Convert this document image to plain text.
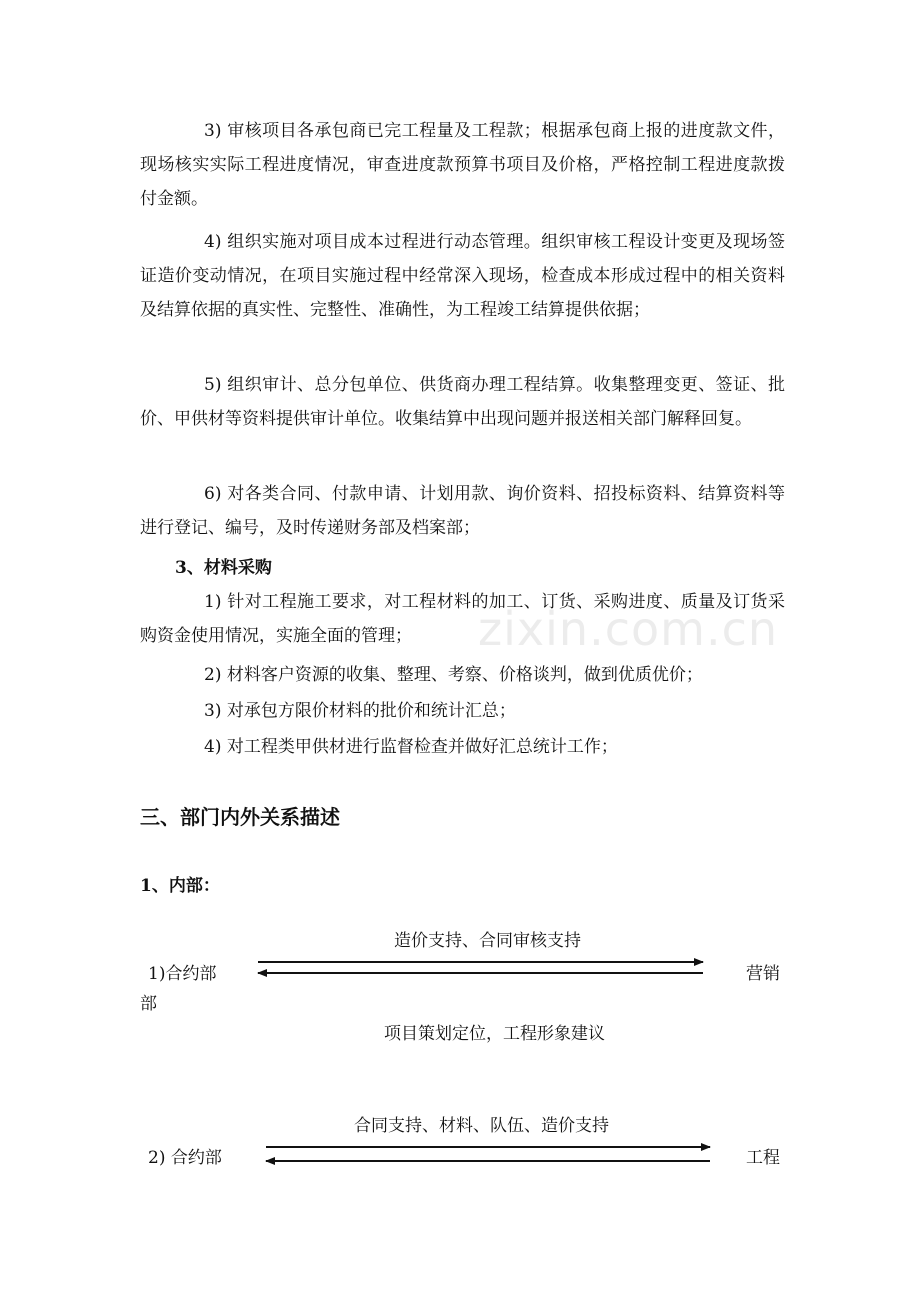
zixin.com.cn

3) 审核项目各承包商已完工程量及工程款；根据承包商上报的进度款文件，现场核实实际工程进度情况，审查进度款预算书项目及价格，严格控制工程进度款拨付金额。

4) 组织实施对项目成本过程进行动态管理。组织审核工程设计变更及现场签证造价变动情况，在项目实施过程中经常深入现场，检查成本形成过程中的相关资料及结算依据的真实性、完整性、准确性，为工程竣工结算提供依据；

5) 组织审计、总分包单位、供货商办理工程结算。收集整理变更、签证、批价、甲供材等资料提供审计单位。收集结算中出现问题并报送相关部门解释回复。

6) 对各类合同、付款申请、计划用款、询价资料、招投标资料、结算资料等进行登记、编号，及时传递财务部及档案部；

3、材料采购

1) 针对工程施工要求，对工程材料的加工、订货、采购进度、质量及订货采购资金使用情况，实施全面的管理；

2) 材料客户资源的收集、整理、考察、价格谈判，做到优质优价；

3) 对承包方限价材料的批价和统计汇总；

4) 对工程类甲供材进行监督检查并做好汇总统计工作；

三、部门内外关系描述

1、内部：

造价支持、合同审核支持
1)合约部
部
营销
项目策划定位，工程形象建议
合同支持、材料、队伍、造价支持
2) 合约部	工程
